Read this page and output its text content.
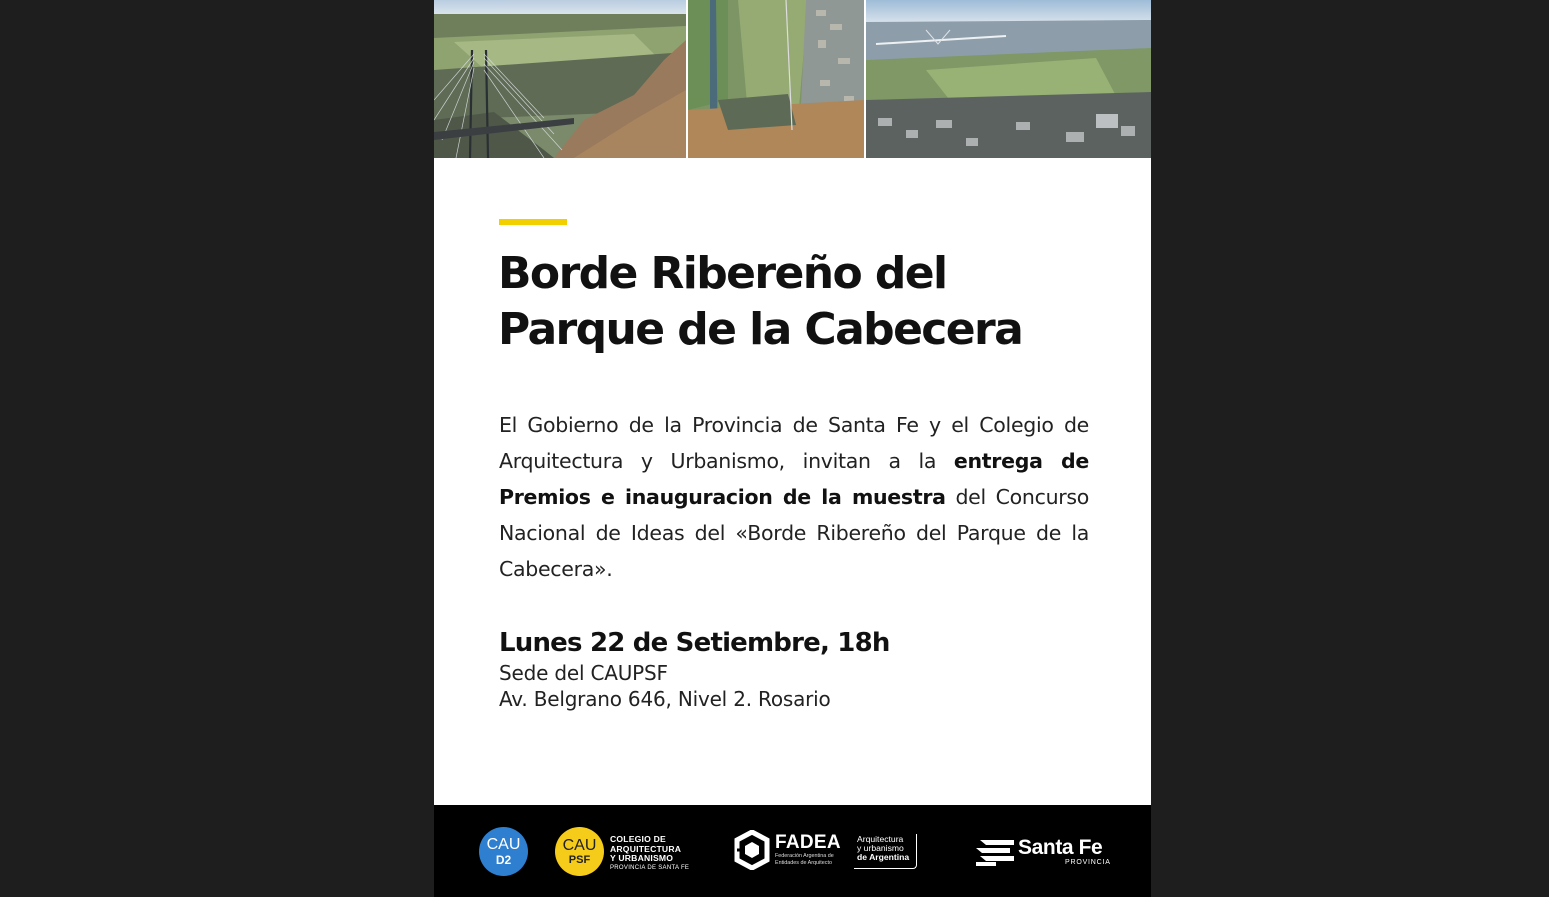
Borde Ribereño del
Parque de la Cabecera

El Gobierno de la Provincia de Santa Fe y el Colegio de Arquitectura y Urbanismo, invitan a la entrega de Premios e inauguracion de la muestra del Concurso Nacional de Ideas del «Borde Ribereño del Parque de la Cabecera».

Lunes 22 de Setiembre, 18h
Sede del CAUPSF
Av. Belgrano 646, Nivel 2. Rosario
CAU
D2
CAU
PSF
COLEGIO DE
ARQUITECTURA
Y URBANISMO
PROVINCIA DE SANTA FE
FADEA
Federación Argentina de
Entidades de Arquitecto
Arquitectura
y urbanismo
de Argentina	Santa Fe
PROVINCIA
